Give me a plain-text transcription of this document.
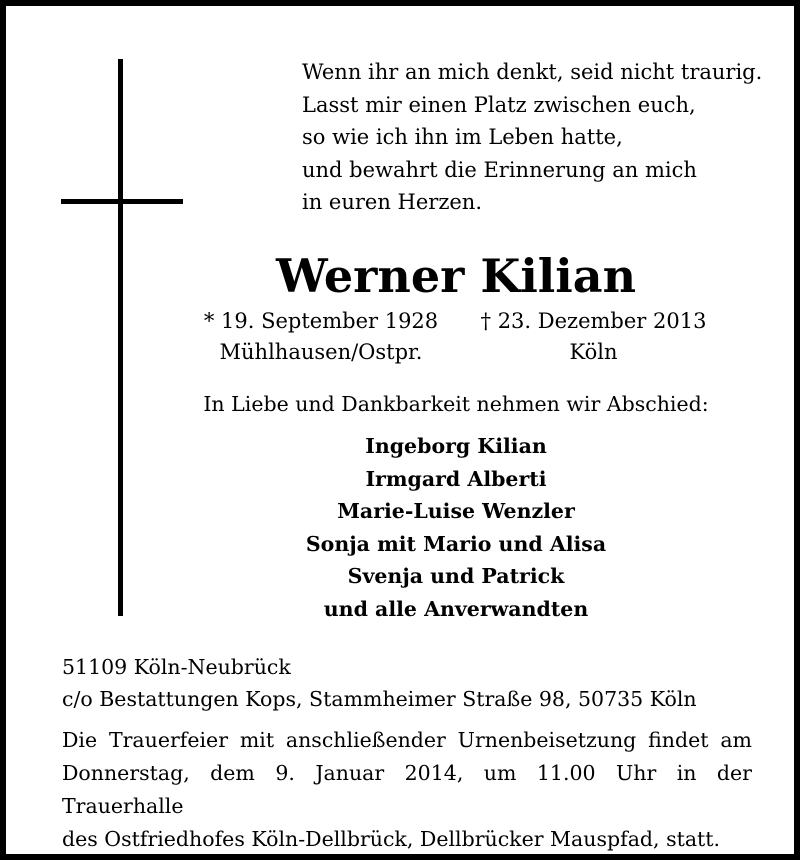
Wenn ihr an mich denkt, seid nicht traurig.
Lasst mir einen Platz zwischen euch,
so wie ich ihn im Leben hatte,
und bewahrt die Erinnerung an mich
in euren Herzen.
Werner Kilian
* 19. September 1928
Mühlhausen/Ostpr.
† 23. Dezember 2013
Köln
In Liebe und Dankbarkeit nehmen wir Abschied:
Ingeborg Kilian
Irmgard Alberti
Marie-Luise Wenzler
Sonja mit Mario und Alisa
Svenja und Patrick
und alle Anverwandten
51109 Köln-Neubrück
c/o Bestattungen Kops, Stammheimer Straße 98, 50735 Köln
Die Trauerfeier mit anschließender Urnenbeisetzung findet am
Donnerstag, dem 9. Januar 2014, um 11.00 Uhr in der Trauerhalle
des Ostfriedhofes Köln-Dellbrück, Dellbrücker Mauspfad, statt.
